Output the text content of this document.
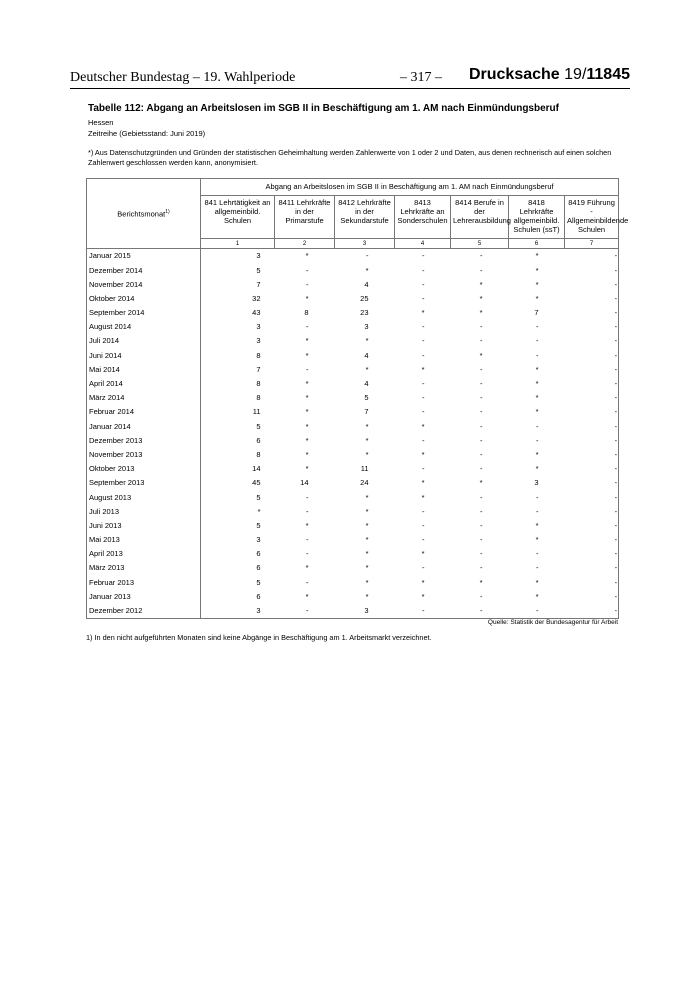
Deutscher Bundestag – 19. Wahlperiode	– 317 – Drucksache 19/11845
Tabelle 112: Abgang an Arbeitslosen im SGB II in Beschäftigung am 1. AM nach Einmündungsberuf
Hessen
Zeitreihe (Gebietsstand: Juni 2019)
*) Aus Datenschutzgründen und Gründen der statistischen Geheimhaltung werden Zahlenwerte von 1 oder 2 und Daten, aus denen rechnerisch auf einen solchen Zahlenwert geschlossen werden kann, anonymisiert.
Berichtsmonat$^{1)}$	Abgang an Arbeitslosen im SGB II in Beschäftigung am 1. AM nach Einmündungsberuf						
	841 Lehrtätigkeit an allgemeinbild. Schulen	8411 Lehrkräfte in der Primarstufe	8412 Lehrkräfte in der Sekundarstufe	8413 Lehrkräfte an Sonderschulen	8414 Berufe in der Lehrerausbildung	8418 Lehrkräfte allgemeinbild. Schulen (ssT)	8419 Führung - Allgemeinbildende Schulen
	1	2	3	4	5	6	7
Januar 2015	3	*	-	-	-	*	-
Dezember 2014	5	-	*	-	-	*	-
November 2014	7	-	4	-	*	*	-
Oktober 2014	32	*	25	-	*	*	-
September 2014	43	8	23	*	*	7	-
August 2014	3	-	3	-	-	-	-
Juli 2014	3	*	*	-	-	-	-
Juni 2014	8	*	4	-	*	-	-
Mai 2014	7	-	*	*	-	*	-
April 2014	8	*	4	-	-	*	-
März 2014	8	*	5	-	-	*	-
Februar 2014	11	*	7	-	-	*	-
Januar 2014	5	*	*	*	-	-	-
Dezember 2013	6	*	*	-	-	-	-
November 2013	8	*	*	*	-	*	-
Oktober 2013	14	*	11	-	-	*	-
September 2013	45	14	24	*	*	3	-
August 2013	5	-	*	*	-	-	-
Juli 2013	*	-	*	-	-	-	-
Juni 2013	5	*	*	-	-	*	-
Mai 2013	3	-	*	-	-	*	-
April 2013	6	-	*	*	-	-	-
März 2013	6	*	*	-	-	-	-
Februar 2013	5	-	*	*	*	*	-
Januar 2013	6	*	*	*	-	*	-
Dezember 2012	3	-	3	-	-	-	-
Quelle: Statistik der Bundesagentur für Arbeit
1) In den nicht aufgeführten Monaten sind keine Abgänge in Beschäftigung am 1. Arbeitsmarkt verzeichnet.
